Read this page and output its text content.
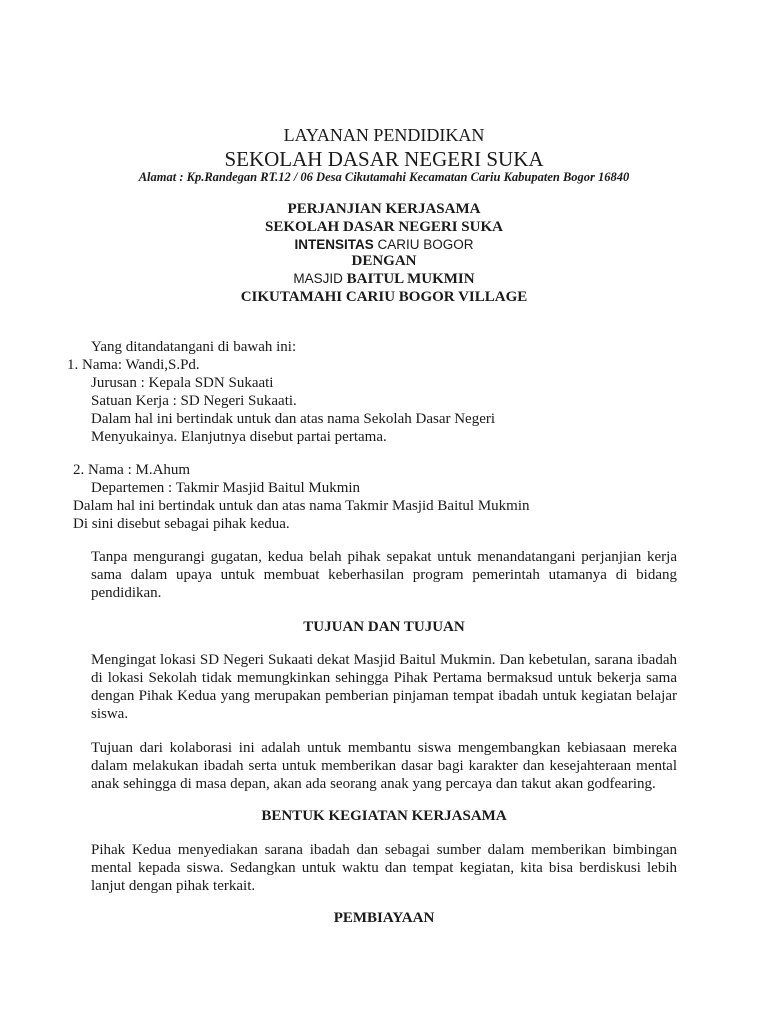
LAYANAN PENDIDIKAN
SEKOLAH DASAR NEGERI SUKA
Alamat : Kp.Randegan RT.12 / 06 Desa Cikutamahi Kecamatan Cariu Kabupaten Bogor 16840
PERJANJIAN KERJASAMA
SEKOLAH DASAR NEGERI SUKA
INTENSITAS CARIU BOGOR
DENGAN
MASJID BAITUL MUKMIN
CIKUTAMAHI CARIU BOGOR VILLAGE
Yang ditandatangani di bawah ini:
1. Nama: Wandi,S.Pd.
Jurusan : Kepala SDN Sukaati
Satuan Kerja : SD Negeri Sukaati.
Dalam hal ini bertindak untuk dan atas nama Sekolah Dasar Negeri
Menyukainya. Elanjutnya disebut partai pertama.
2. Nama : M.Ahum
Departemen : Takmir Masjid Baitul Mukmin
Dalam hal ini bertindak untuk dan atas nama Takmir Masjid Baitul Mukmin
Di sini disebut sebagai pihak kedua.
Tanpa mengurangi gugatan, kedua belah pihak sepakat untuk menandatangani perjanjian kerja sama dalam upaya untuk membuat keberhasilan program pemerintah utamanya di bidang pendidikan.
TUJUAN DAN TUJUAN
Mengingat lokasi SD Negeri Sukaati dekat Masjid Baitul Mukmin. Dan kebetulan, sarana ibadah di lokasi Sekolah tidak memungkinkan sehingga Pihak Pertama bermaksud untuk bekerja sama dengan Pihak Kedua yang merupakan pemberian pinjaman tempat ibadah untuk kegiatan belajar siswa.
Tujuan dari kolaborasi ini adalah untuk membantu siswa mengembangkan kebiasaan mereka dalam melakukan ibadah serta untuk memberikan dasar bagi karakter dan kesejahteraan mental anak sehingga di masa depan, akan ada seorang anak yang percaya dan takut akan godfearing.
BENTUK KEGIATAN KERJASAMA
Pihak Kedua menyediakan sarana ibadah dan sebagai sumber dalam memberikan bimbingan mental kepada siswa. Sedangkan untuk waktu dan tempat kegiatan, kita bisa berdiskusi lebih lanjut dengan pihak terkait.
PEMBIAYAAN
